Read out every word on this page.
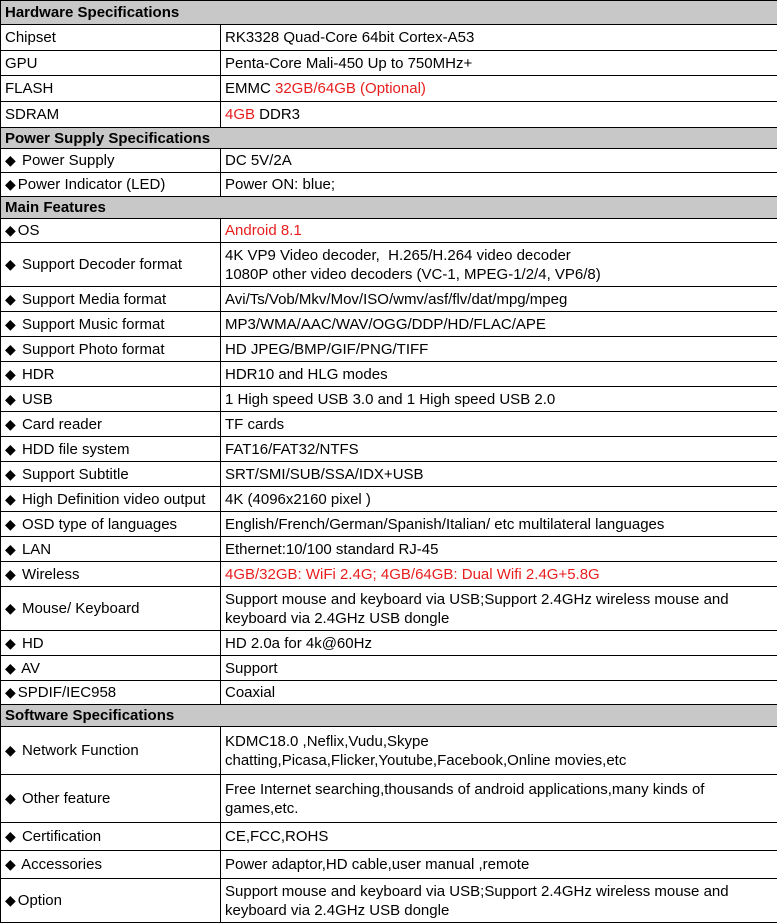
Hardware Specifications	
Chipset	RK3328 Quad-Core 64bit Cortex-A53
GPU	Penta-Core Mali-450 Up to 750MHz+
FLASH	EMMC 32GB/64GB (Optional)
SDRAM	4GB DDR3
Power Supply Specifications	
◆ Power Supply	DC 5V/2A
◆ Power Indicator (LED)	Power ON: blue;
Main Features	
◆ OS	Android 8.1
◆ Support Decoder format	4K VP9 Video decoder,  H.265/H.264 video decoder
1080P other video decoders (VC-1, MPEG-1/2/4, VP6/8)

◆ Support Media format	Avi/Ts/Vob/Mkv/Mov/ISO/wmv/asf/flv/dat/mpg/mpeg
◆ Support Music format	MP3/WMA/AAC/WAV/OGG/DDP/HD/FLAC/APE
◆ Support Photo format	HD JPEG/BMP/GIF/PNG/TIFF
◆ HDR	HDR10 and HLG modes
◆ USB	1 High speed USB 3.0 and 1 High speed USB 2.0
◆ Card reader	TF cards
◆ HDD file system	FAT16/FAT32/NTFS
◆ Support Subtitle	SRT/SMI/SUB/SSA/IDX+USB
◆ High Definition video output	4K (4096x2160 pixel )
◆ OSD type of languages	English/French/German/Spanish/Italian/ etc multilateral languages
◆ LAN	Ethernet:10/100 standard RJ-45
◆ Wireless	4GB/32GB: WiFi 2.4G; 4GB/64GB: Dual Wifi 2.4G+5.8G
◆ Mouse/ Keyboard	Support mouse and keyboard via USB;Support 2.4GHz wireless mouse and
keyboard via 2.4GHz USB dongle

◆ HD	HD 2.0a for 4k@60Hz
◆ AV	Support
◆ SPDIF/IEC958	Coaxial
Software Specifications	
◆ Network Function	KDMC18.0 ,Neflix,Vudu,Skype
chatting,Picasa,Flicker,Youtube,Facebook,Online movies,etc

◆ Other feature	Free Internet searching,thousands of android applications,many kinds of
games,etc.

◆ Certification	CE,FCC,ROHS
◆ Accessories	Power adaptor,HD cable,user manual ,remote
◆ Option	Support mouse and keyboard via USB;Support 2.4GHz wireless mouse and
keyboard via 2.4GHz USB dongle
